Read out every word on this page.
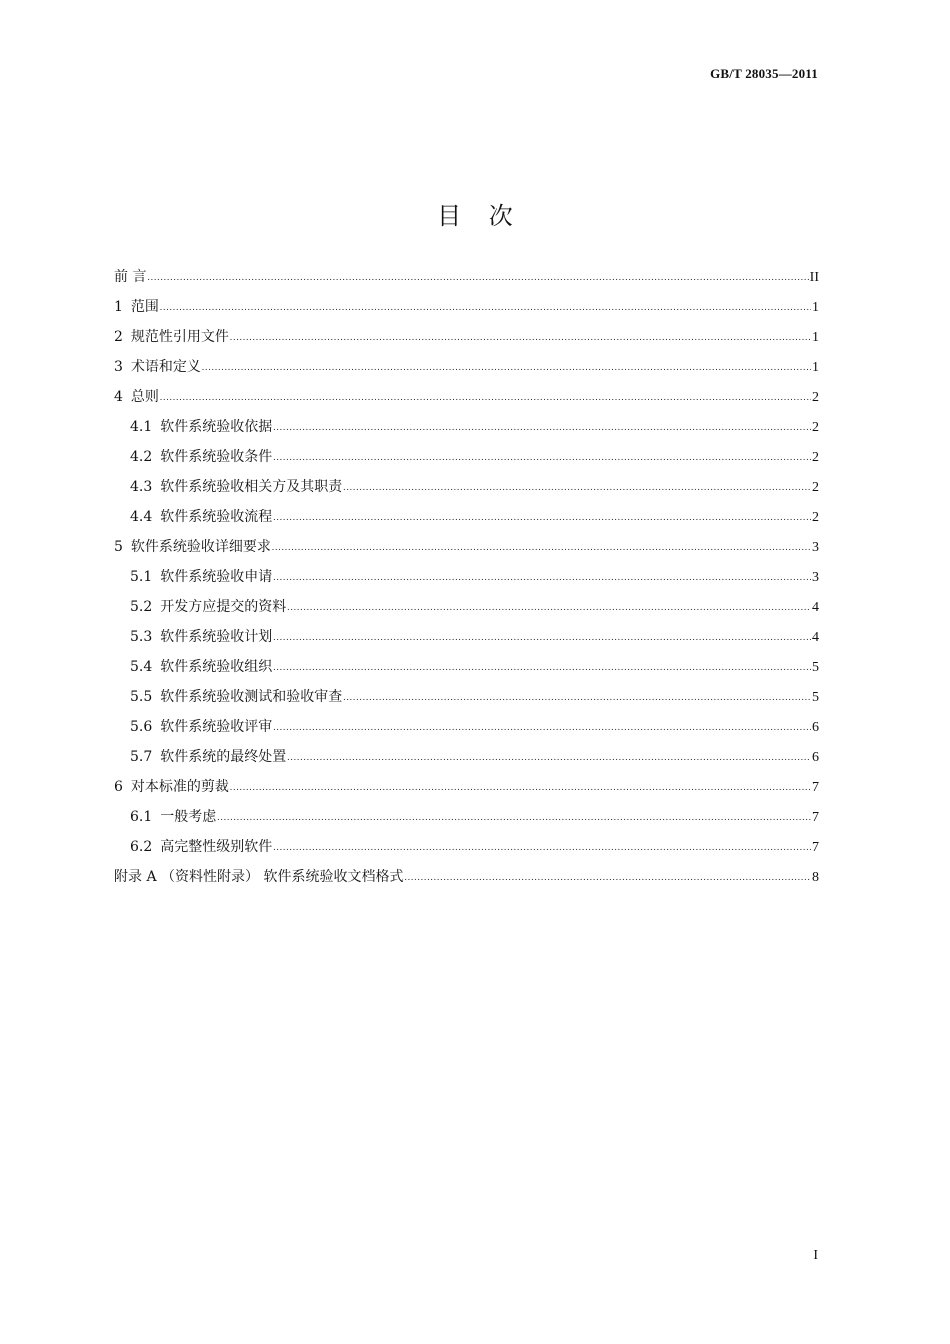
GB/T 28035—2011
目 次
前 言 .....	II
1 范围 .....	1
2 规范性引用文件 .....	1
3 术语和定义 .....	1
4 总则 .....	2
4.1 软件系统验收依据 .....	2
4.2 软件系统验收条件 .....	2
4.3 软件系统验收相关方及其职责 .....	2
4.4 软件系统验收流程 .....	2
5 软件系统验收详细要求 .....	3
5.1 软件系统验收申请 .....	3
5.2 开发方应提交的资料 .....	4
5.3 软件系统验收计划 .....	4
5.4 软件系统验收组织 .....	5
5.5 软件系统验收测试和验收审查 .....	5
5.6 软件系统验收评审 .....	6
5.7 软件系统的最终处置 .....	6
6 对本标准的剪裁 .....	7
6.1 一般考虑 .....	7
6.2 高完整性级别软件 .....	7
附录 A （资料性附录） 软件系统验收文档格式 .....	8
I
